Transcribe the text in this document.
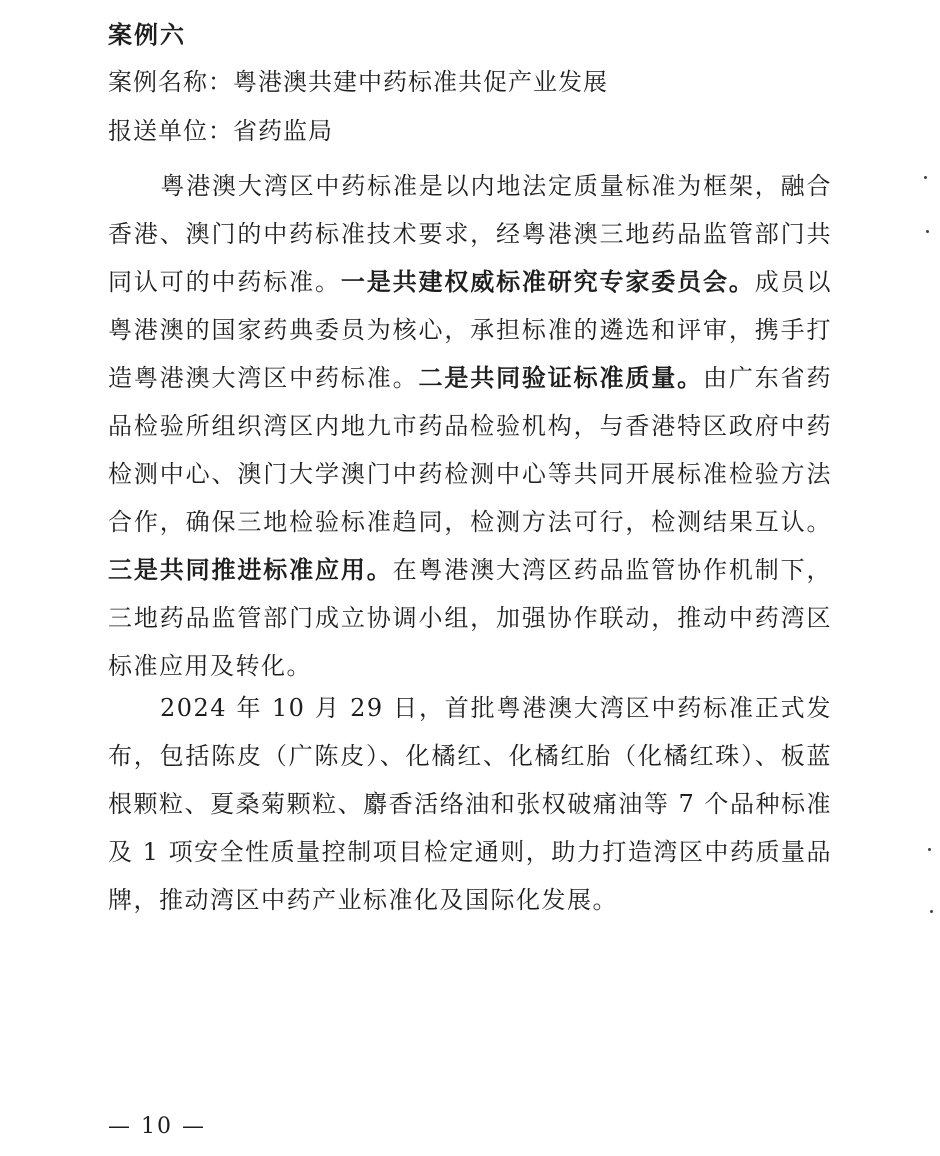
案例六
案例名称：粤港澳共建中药标准共促产业发展
报送单位：省药监局
粤港澳大湾区中药标准是以内地法定质量标准为框架，融合香港、澳门的中药标准技术要求，经粤港澳三地药品监管部门共同认可的中药标准。一是共建权威标准研究专家委员会。成员以粤港澳的国家药典委员为核心，承担标准的遴选和评审，携手打造粤港澳大湾区中药标准。二是共同验证标准质量。由广东省药品检验所组织湾区内地九市药品检验机构，与香港特区政府中药检测中心、澳门大学澳门中药检测中心等共同开展标准检验方法合作，确保三地检验标准趋同，检测方法可行，检测结果互认。三是共同推进标准应用。在粤港澳大湾区药品监管协作机制下，三地药品监管部门成立协调小组，加强协作联动，推动中药湾区标准应用及转化。
2024 年 10 月 29 日，首批粤港澳大湾区中药标准正式发布，包括陈皮（广陈皮）、化橘红、化橘红胎（化橘红珠）、板蓝根颗粒、夏桑菊颗粒、麝香活络油和张权破痛油等 7 个品种标准及 1 项安全性质量控制项目检定通则，助力打造湾区中药质量品牌，推动湾区中药产业标准化及国际化发展。
— 10 —
